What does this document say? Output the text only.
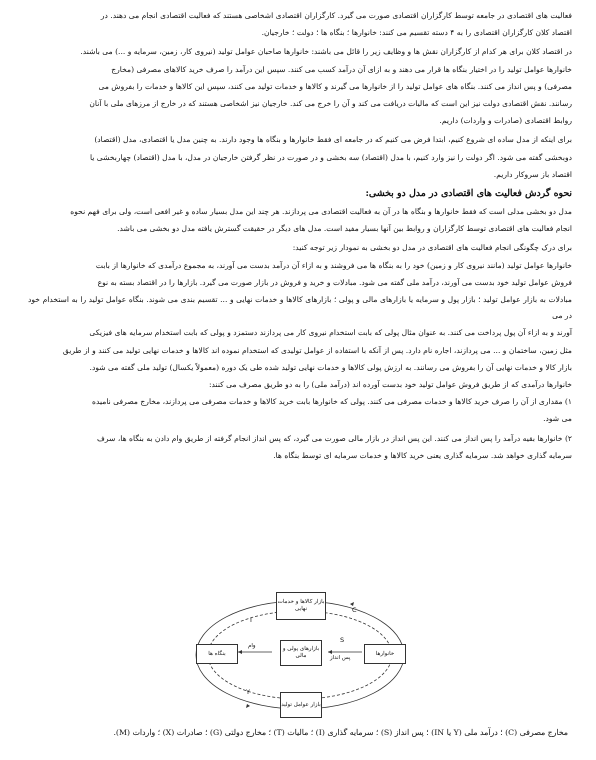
فعالیت های اقتصادی در جامعه توسط کارگزاران اقتصادی صورت می گیرد. کارگزاران اقتصادی اشخاصی هستند که فعالیت اقتصادی انجام می دهند. در

اقتصاد کلان کارگزاران اقتصادی را به ۴ دسته تقسیم می کنند: خانوارها ؛ بنگاه ها ؛ دولت ؛ خارجیان.

در اقتصاد کلان برای هر کدام از کارگزاران نقش ها و وظایف زیر را قائل می باشند: خانوارها صاحبان عوامل تولید (نیروی کار، زمین، سرمایه و ...) می باشند.

خانوارها عوامل تولید را در اختیار بنگاه ها قرار می دهند و به ازای آن درآمد کسب می کنند. سپس این درآمد را صرف خرید کالاهای مصرفی (مخارج

مصرفی) و پس انداز می کنند. بنگاه های عوامل تولید را از خانوارها می گیرند و کالاها و خدمات تولید می کنند، سپس این کالاها و خدمات را بفروش می

رسانند. نقش اقتصادی دولت نیز این است که مالیات دریافت می کند و آن را خرج می کند. خارجیان نیز اشخاصی هستند که در خارج از مرزهای ملی با آنان

روابط اقتصادی (صادرات و واردات) داریم.

برای اینکه از مدل ساده ای شروع کنیم، ابتدا فرض می کنیم که در جامعه ای فقط خانوارها و بنگاه ها وجود دارند. به چنین مدل یا اقتصادی، مدل (اقتصاد)

دوبخشی گفته می شود. اگر دولت را نیز وارد کنیم، با مدل (اقتصاد) سه بخشی و در صورت در نظر گرفتن خارجیان در مدل، با مدل (اقتصاد) چهاربخشی یا

اقتصاد باز سروکار داریم.

نحوه گردش فعالیت های اقتصادی در مدل دو بخشی:

مدل دو بخشی مدلی است که فقط خانوارها و بنگاه ها در آن به فعالیت اقتصادی می پردازند. هر چند این مدل بسیار ساده و غیر افعی است، ولی برای فهم نحوه

انجام فعالیت های اقتصادی توسط کارگزاران و روابط بین آنها بسیار مفید است. مدل های دیگر در حقیقت گسترش یافته مدل دو بخشی می باشد.

برای درک چگونگی انجام فعالیت های اقتصادی در مدل دو بخشی به نمودار زیر توجه کنید:

خانوارها عوامل تولید (مانند نیروی کار و زمین) خود را به بنگاه ها می فروشند و به ازاء آن درآمد بدست می آورند، به مجموع درآمدی که خانوارها از بابت

فروش عوامل تولید خود بدست می آورند، درآمد ملی گفته می شود. مبادلات و خرید و فروش در بازار صورت می گیرد. بازارها را در اقتصاد بسته به نوع

مبادلات به بازار عوامل تولید ؛ بازار پول و سرمایه یا بازارهای مالی و پولی ؛ بازارهای کالاها و خدمات نهایی و ... تقسیم بندی می شوند. بنگاه عوامل تولید را به استخدام خود در می

آورند و به ازاء آن پول پرداخت می کنند. به عنوان مثال پولی که بابت استخدام نیروی کار می پردازند دستمزد و پولی که بابت استخدام سرمایه های فیزیکی

مثل زمین، ساختمان و ... می پردازند، اجاره نام دارد. پس از آنکه با استفاده از عوامل تولیدی که استخدام نموده اند کالاها و خدمات نهایی تولید می کنند و از طریق

بازار کالا و خدمات نهایی آن را بفروش می رسانند. به ارزش پولی کالاها و خدمات نهایی تولید شده طی یک دوره (معمولاً یکسال) تولید ملی گفته می شود.

خانوارها درآمدی که از طریق فروش عوامل تولید خود بدست آورده اند (درآمد ملی) را به دو طریق مصرف می کنند:

۱) مقداری از آن را صرف خرید کالاها و خدمات مصرفی می کنند. پولی که خانوارها بابت خرید کالاها و خدمات مصرفی می پردازند، مخارج مصرفی نامیده

می شود.

۲) خانوارها بقیه درآمد را پس انداز می کنند. این پس انداز در بازار مالی صورت می گیرد، که پس انداز انجام گرفته از طریق وام دادن به بنگاه ها، سرف

سرمایه گذاری خواهد شد. سرمایه گذاری یعنی خرید کالاها و خدمات سرمایه ای توسط بنگاه ها.

بازار کالاها و خدمات نهایی
بازارهای پولی و مالی
بنگاه ها	خانوارها
بازار عوامل تولید
C
I
Y
S
وام
پس انداز
مخارج مصرفی (C) ؛ درآمد ملی (Y یا IN) ؛ پس انداز (S) ؛ سرمایه گذاری (I) ؛ مالیات (T) ؛ مخارج دولتی (G) ؛ صادرات (X) ؛ واردات (M).
